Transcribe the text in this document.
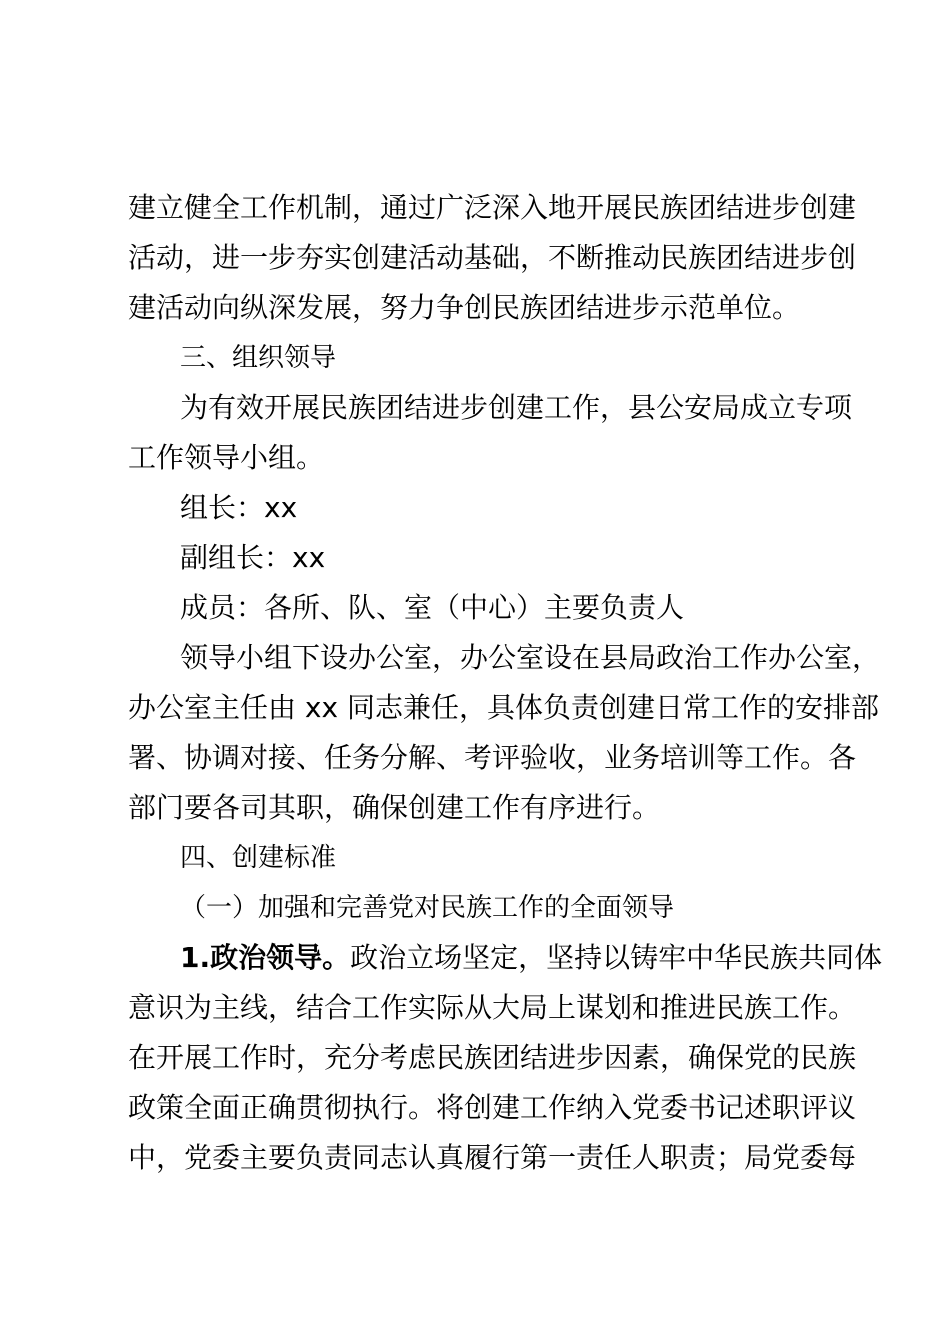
建立健全工作机制，通过广泛深入地开展民族团结进步创建
活动，进一步夯实创建活动基础，不断推动民族团结进步创
建活动向纵深发展，努力争创民族团结进步示范单位。
三、组织领导
为有效开展民族团结进步创建工作，县公安局成立专项
工作领导小组。
组长：xx
副组长：xx
成员：各所、队、室（中心）主要负责人
领导小组下设办公室，办公室设在县局政治工作办公室，
办公室主任由 xx 同志兼任，具体负责创建日常工作的安排部
署、协调对接、任务分解、考评验收，业务培训等工作。各
部门要各司其职，确保创建工作有序进行。
四、创建标准
（一）加强和完善党对民族工作的全面领导
1.政治领导。政治立场坚定，坚持以铸牢中华民族共同体
意识为主线，结合工作实际从大局上谋划和推进民族工作。
在开展工作时，充分考虑民族团结进步因素，确保党的民族
政策全面正确贯彻执行。将创建工作纳入党委书记述职评议
中，党委主要负责同志认真履行第一责任人职责；局党委每
